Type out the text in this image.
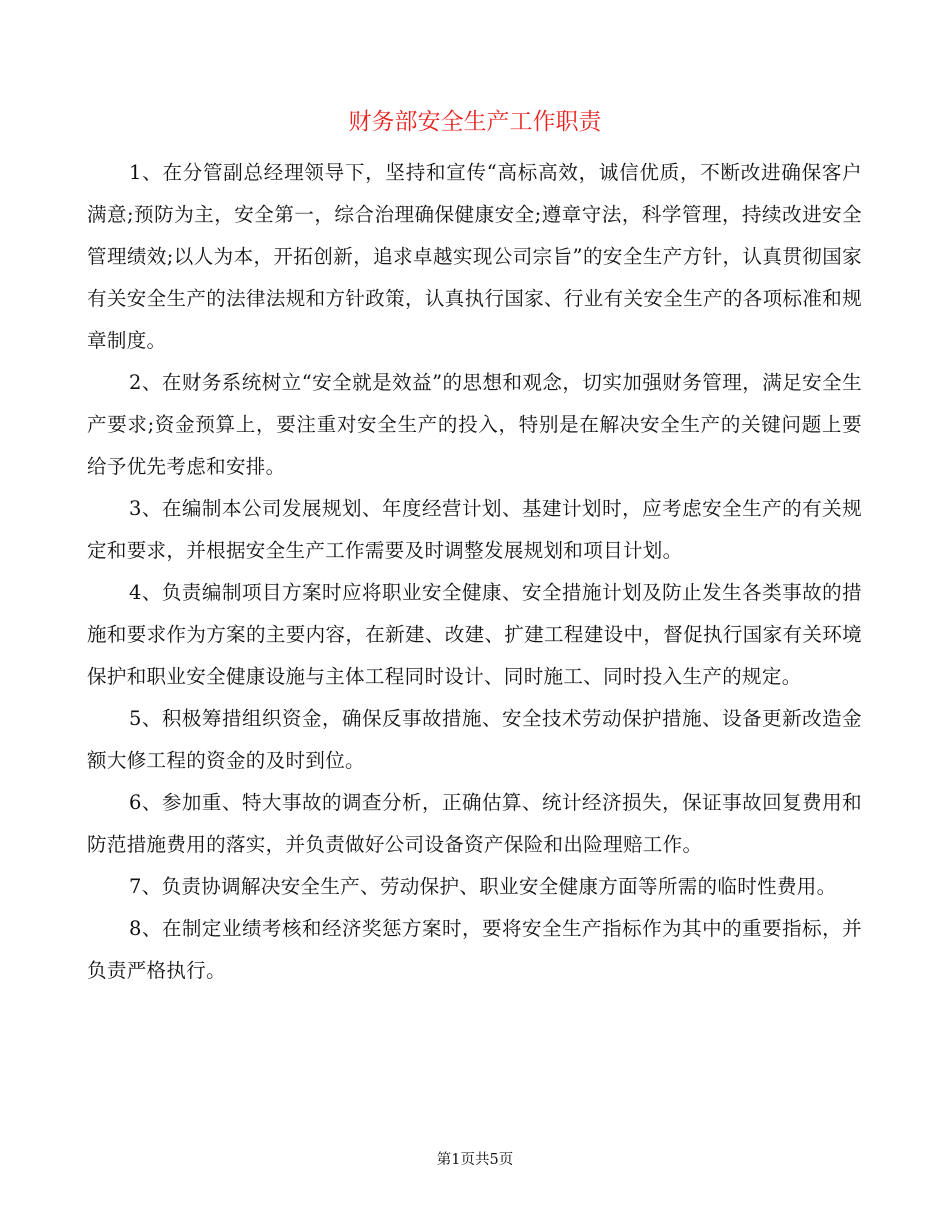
财务部安全生产工作职责

1、在分管副总经理领导下，坚持和宣传“高标高效，诚信优质，不断改进确保客户满意;预防为主，安全第一，综合治理确保健康安全;遵章守法，科学管理，持续改进安全管理绩效;以人为本，开拓创新，追求卓越实现公司宗旨”的安全生产方针，认真贯彻国家有关安全生产的法律法规和方针政策，认真执行国家、行业有关安全生产的各项标准和规章制度。

2、在财务系统树立“安全就是效益”的思想和观念，切实加强财务管理，满足安全生产要求;资金预算上，要注重对安全生产的投入，特别是在解决安全生产的关键问题上要给予优先考虑和安排。

3、在编制本公司发展规划、年度经营计划、基建计划时，应考虑安全生产的有关规定和要求，并根据安全生产工作需要及时调整发展规划和项目计划。

4、负责编制项目方案时应将职业安全健康、安全措施计划及防止发生各类事故的措施和要求作为方案的主要内容，在新建、改建、扩建工程建设中，督促执行国家有关环境保护和职业安全健康设施与主体工程同时设计、同时施工、同时投入生产的规定。

5、积极筹措组织资金，确保反事故措施、安全技术劳动保护措施、设备更新改造金额大修工程的资金的及时到位。

6、参加重、特大事故的调查分析，正确估算、统计经济损失，保证事故回复费用和防范措施费用的落实，并负责做好公司设备资产保险和出险理赔工作。

7、负责协调解决安全生产、劳动保护、职业安全健康方面等所需的临时性费用。

8、在制定业绩考核和经济奖惩方案时，要将安全生产指标作为其中的重要指标，并负责严格执行。

第1页共5页
